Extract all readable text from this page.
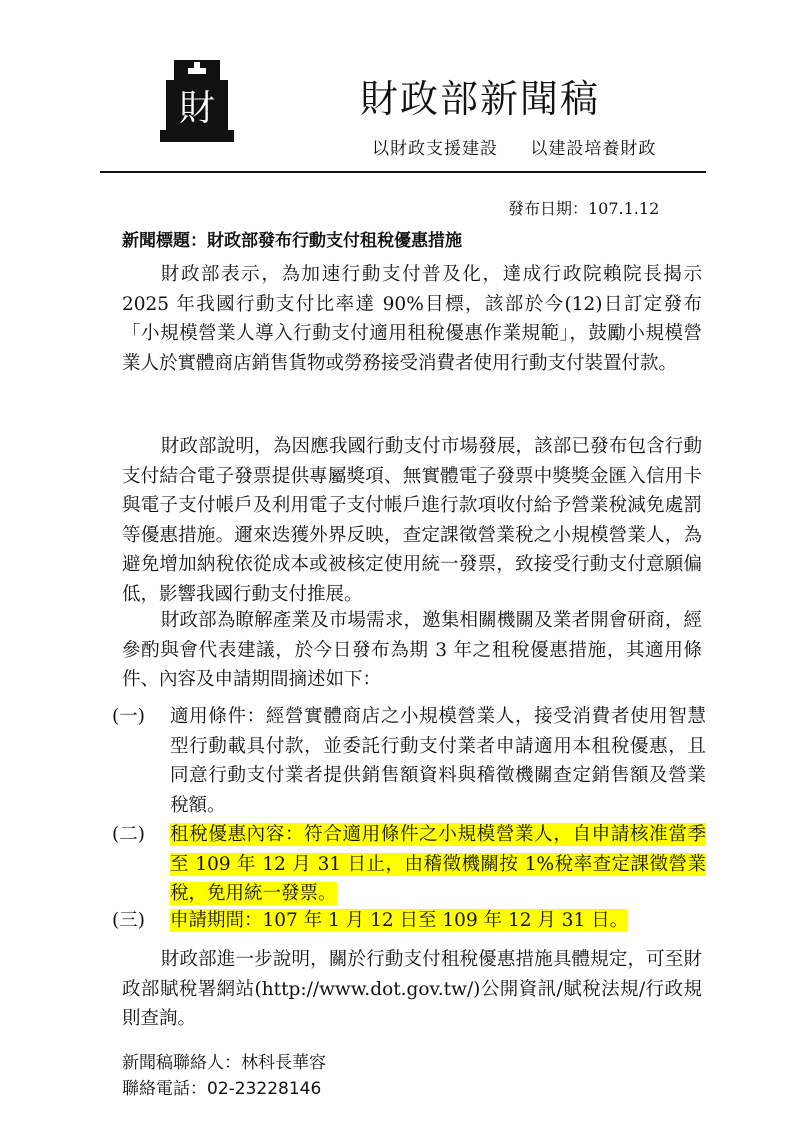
財	財政部新聞稿
以財政支援建設 以建設培養財政
發布日期：107.1.12
新聞標題：財政部發布行動支付租稅優惠措施

財政部表示，為加速行動支付普及化，達成行政院賴院長揭示 2025 年我國行動支付比率達 90%目標，該部於今(12)日訂定發布「小規模營業人導入行動支付適用租稅優惠作業規範」，鼓勵小規模營業人於實體商店銷售貨物或勞務接受消費者使用行動支付裝置付款。

財政部說明，為因應我國行動支付市場發展，該部已發布包含行動支付結合電子發票提供專屬獎項、無實體電子發票中獎獎金匯入信用卡與電子支付帳戶及利用電子支付帳戶進行款項收付給予營業稅減免處罰等優惠措施。邇來迭獲外界反映，查定課徵營業稅之小規模營業人，為避免增加納稅依從成本或被核定使用統一發票，致接受行動支付意願偏低，影響我國行動支付推展。

財政部為瞭解產業及市場需求，邀集相關機關及業者開會研商，經參酌與會代表建議，於今日發布為期 3 年之租稅優惠措施，其適用條件、內容及申請期間摘述如下：

(一) 適用條件：經營實體商店之小規模營業人，接受消費者使用智慧型行動載具付款，並委託行動支付業者申請適用本租稅優惠，且同意行動支付業者提供銷售額資料與稽徵機關查定銷售額及營業稅額。
(二) 租稅優惠內容：符合適用條件之小規模營業人，自申請核准當季至 109 年 12 月 31 日止，由稽徵機關按 1%稅率查定課徵營業稅，免用統一發票。
(三) 申請期間：107 年 1 月 12 日至 109 年 12 月 31 日。

財政部進一步說明，關於行動支付租稅優惠措施具體規定，可至財政部賦稅署網站(http://www.dot.gov.tw/)公開資訊/賦稅法規/行政規則查詢。

新聞稿聯絡人：林科長華容
聯絡電話：02-23228146
